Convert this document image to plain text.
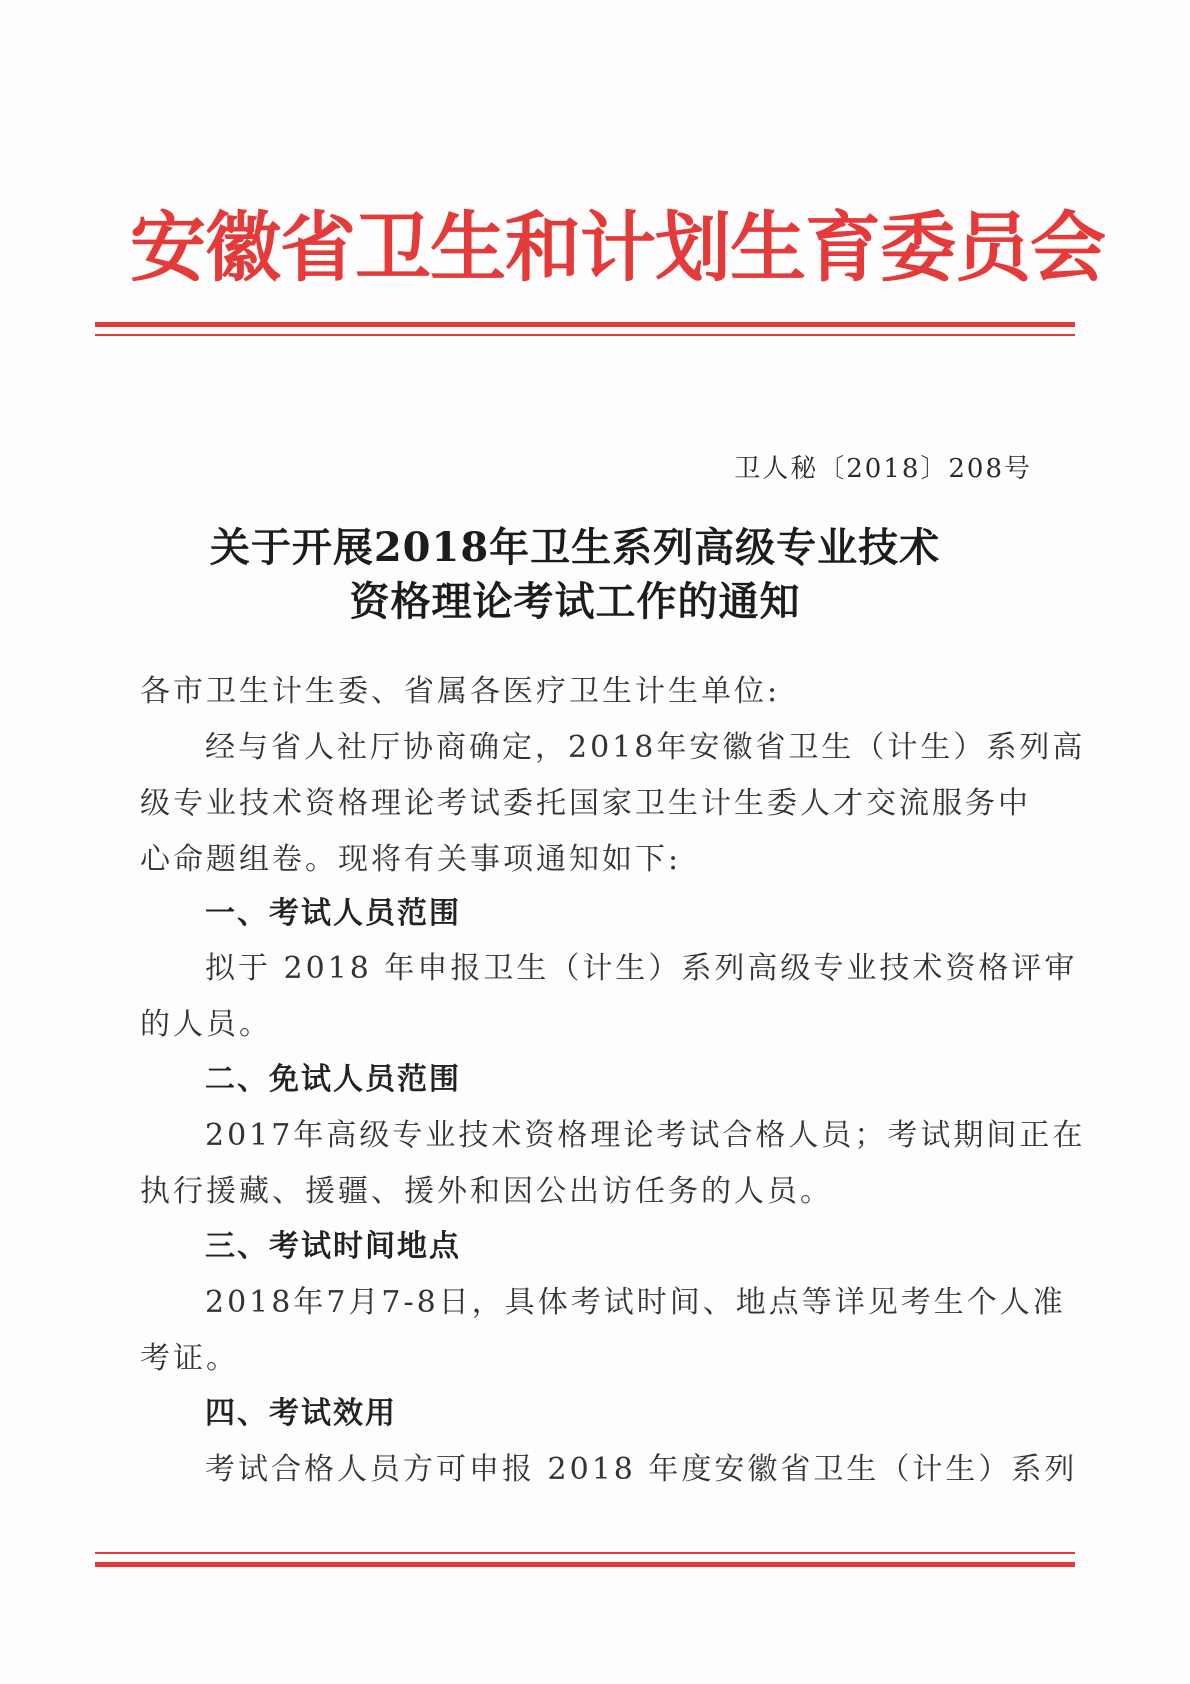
安徽省卫生和计划生育委员会
卫人秘〔2018〕208号
关于开展2018年卫生系列高级专业技术
资格理论考试工作的通知
各市卫生计生委、省属各医疗卫生计生单位:
经与省人社厅协商确定，2018年安徽省卫生（计生）系列高
级专业技术资格理论考试委托国家卫生计生委人才交流服务中
心命题组卷。现将有关事项通知如下:
一、考试人员范围
拟于 2018 年申报卫生（计生）系列高级专业技术资格评审
的人员。
二、免试人员范围
2017年高级专业技术资格理论考试合格人员；考试期间正在
执行援藏、援疆、援外和因公出访任务的人员。
三、考试时间地点
2018年7月7-8日，具体考试时间、地点等详见考生个人准
考证。
四、考试效用
考试合格人员方可申报 2018 年度安徽省卫生（计生）系列
